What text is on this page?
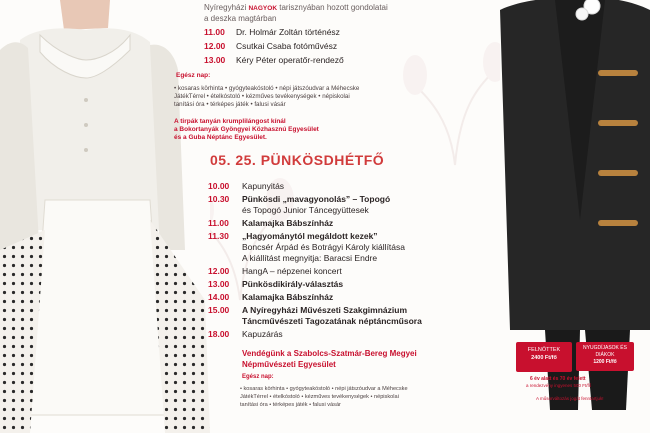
FELNŐTTEK
2400 Ft/fő
NYUGDÍJASOK ÉS DIÁKOK
1200 Ft/fő
6 év alatt és 70 év felett
a rendezvény ingyenes 500 Ft/fő
A műsorváltozás jogát fenntartjuk!
Nyíregyházi NAGYOK tarisznyában hozott gondolatai
a deszka magtárban
11.00 Dr. Holmár Zoltán történész
12.00 Csutkai Csaba fotóművész
13.00 Kéry Péter operatőr-rendező
Egész nap:
• kosaras körhinta • gyógyteakóstoló • népi játszóudvar a Méhecske
JátékTérrel • ételkóstoló • kézműves tevékenységek • népiskolai
tanítási óra • térképes játék • falusi vásár
A tirpák tanyán krumplilángost kínál
a Bokortanyák Gyöngyei Közhasznú Egyesület
és a Guba Néptánc Egyesület.
05. 25. PÜNKÖSDHÉTFŐ
10.00 Kapunyitás
10.30 Pünkösdi „mavagyonolás” – Topogó
és Topogó Junior Táncegyüttesek
11.00 Kalamajka Bábszínház
11.30 „Hagyománytól megáldott kezek”
Boncsér Árpád és Botrágyi Károly kiállítása
A kiállítást megnyitja: Baracsi Endre
12.00 HangA – népzenei koncert
13.00 Pünkösdikirály-választás
14.00 Kalamajka Bábszínház
15.00 A Nyíregyházi Művészeti Szakgimnázium
Táncművészeti Tagozatának néptáncműsora
18.00 Kapuzárás
Vendégünk a Szabolcs-Szatmár-Bereg Megyei
Népművészeti Egyesület
Egész nap:
• kosaras körhinta • gyógyteakóstoló • népi játszóudvar a Méhecske
JátékTérrel • ételkóstoló • kézműves tevékenységek • népiskolai
tanítási óra • térképes játék • falusi vásár
